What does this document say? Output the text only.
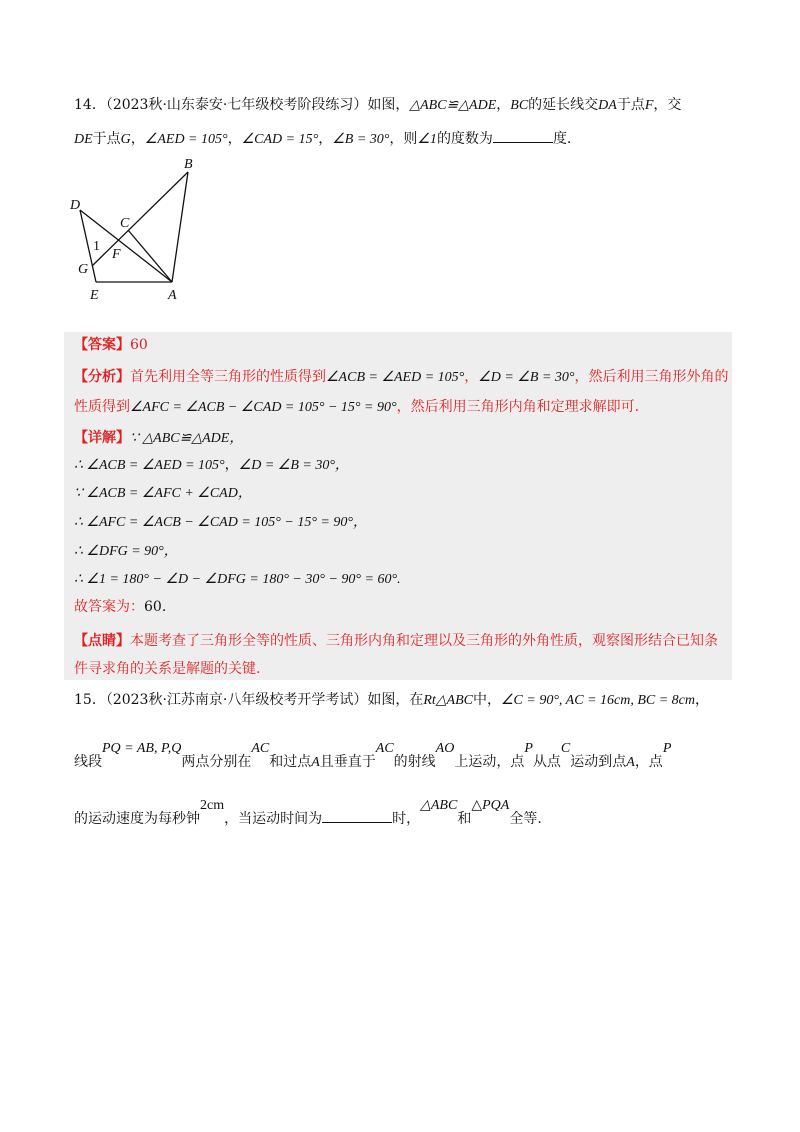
14．（2023秋·山东泰安·七年级校考阶段练习）如图，△ABC≌△ADE，BC的延长线交DA于点F，交
DE于点G，∠AED = 105°，∠CAD = 15°，∠B = 30°，则∠1的度数为	度.
B
D
C
1
F
G
E	A
【答案】60
【分析】首先利用全等三角形的性质得到∠ACB = ∠AED = 105°，∠D = ∠B = 30°，然后利用三角形外角的
性质得到∠AFC = ∠ACB − ∠CAD = 105° − 15° = 90°，然后利用三角形内角和定理求解即可.
【详解】∵ △ABC≌△ADE，
∴ ∠ACB = ∠AED = 105°，∠D = ∠B = 30°，
∵ ∠ACB = ∠AFC + ∠CAD，
∴ ∠AFC = ∠ACB − ∠CAD = 105° − 15° = 90°，
∴ ∠DFG = 90°，
∴ ∠1 = 180° − ∠D − ∠DFG = 180° − 30° − 90° = 60°.
故答案为：60.
【点睛】本题考查了三角形全等的性质、三角形内角和定理以及三角形的外角性质，观察图形结合已知条
件寻求角的关系是解题的关键.
15．（2023秋·江苏南京·八年级校考开学考试）如图，在Rt△ABC中，∠C = 90°, AC = 16cm, BC = 8cm，
线段PQ = AB, P,Q两点分别在AC和过点A且垂直于AC的射线AO上运动，点P从点C运动到点A，点P
的运动速度为每秒钟2cm，当运动时间为	时，△ABC和△PQA全等.
